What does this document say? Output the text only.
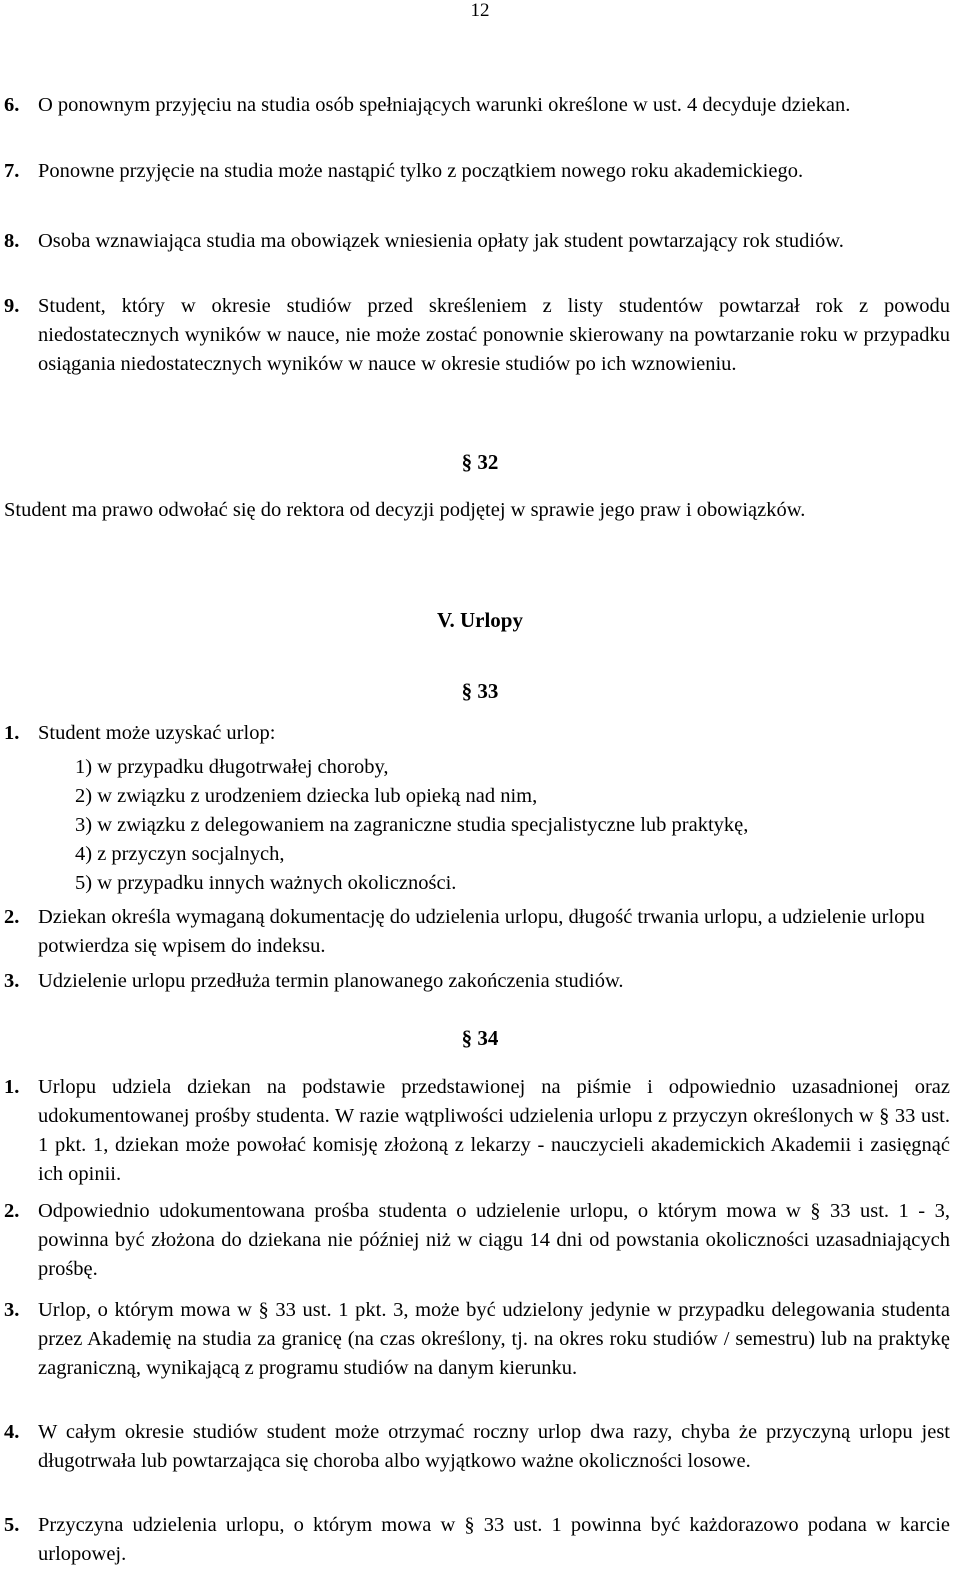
12
6. O ponownym przyjęciu na studia osób spełniających warunki określone w ust. 4 decyduje dziekan.
7. Ponowne przyjęcie na studia może nastąpić tylko z początkiem nowego roku akademickiego.
8. Osoba wznawiająca studia ma obowiązek wniesienia opłaty jak student powtarzający rok studiów.
9. Student, który w okresie studiów przed skreśleniem z listy studentów powtarzał rok z powodu niedostatecznych wyników w nauce, nie może zostać ponownie skierowany na powtarzanie roku w przypadku osiągania niedostatecznych wyników w nauce w okresie studiów po ich wznowieniu.
§ 32
Student ma prawo odwołać się do rektora od decyzji podjętej w sprawie jego praw i obowiązków.
V. Urlopy
§ 33
1. Student może uzyskać urlop:
1) w przypadku długotrwałej choroby,
2) w związku z urodzeniem dziecka lub opieką nad nim,
3) w związku z delegowaniem na zagraniczne studia specjalistyczne lub praktykę,
4) z przyczyn socjalnych,
5) w przypadku innych ważnych okoliczności.
2. Dziekan określa wymaganą dokumentację do udzielenia urlopu, długość trwania urlopu, a udzielenie urlopu potwierdza się wpisem do indeksu.
3. Udzielenie urlopu przedłuża termin planowanego zakończenia studiów.
§ 34
1. Urlopu udziela dziekan na podstawie przedstawionej na piśmie i odpowiednio uzasadnionej oraz udokumentowanej prośby studenta. W razie wątpliwości udzielenia urlopu z przyczyn określonych w § 33 ust. 1 pkt. 1, dziekan może powołać komisję złożoną z lekarzy - nauczycieli akademickich Akademii i zasięgnąć ich opinii.
2. Odpowiednio udokumentowana prośba studenta o udzielenie urlopu, o którym mowa w § 33 ust. 1 - 3, powinna być złożona do dziekana nie później niż w ciągu 14 dni od powstania okoliczności uzasadniających prośbę.
3. Urlop, o którym mowa w § 33 ust. 1 pkt. 3, może być udzielony jedynie w przypadku delegowania studenta przez Akademię na studia za granicę (na czas określony, tj. na okres roku studiów / semestru) lub na praktykę zagraniczną, wynikającą z programu studiów na danym kierunku.
4. W całym okresie studiów student może otrzymać roczny urlop dwa razy, chyba że przyczyną urlopu jest długotrwała lub powtarzająca się choroba albo wyjątkowo ważne okoliczności losowe.
5. Przyczyna udzielenia urlopu, o którym mowa w § 33 ust. 1 powinna być każdorazowo podana w karcie urlopowej.
